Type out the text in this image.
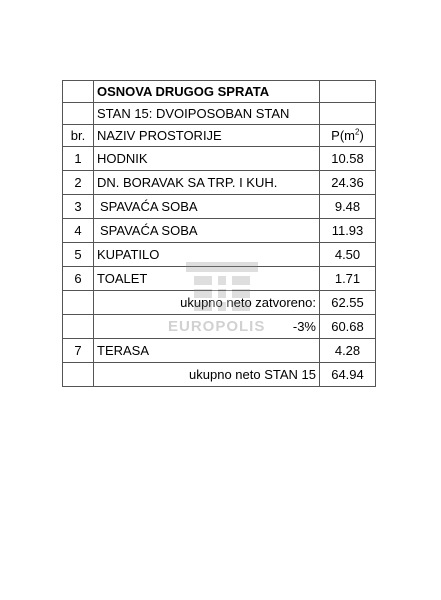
	OSNOVA DRUGOG SPRATA	
	STAN 15: DVOIPOSOBAN STAN	
br.	NAZIV PROSTORIJE	$P(m^2)$
1	HODNIK	10.58
2	DN. BORAVAK SA TRP. I KUH.	24.36
3	SPAVAĆA SOBA	9.48
4	SPAVAĆA SOBA	11.93
5	KUPATILO	4.50
6	TOALET	1.71
	ukupno neto zatvoreno:	62.55
	-3%	60.68
7	TERASA	4.28
	ukupno neto STAN 15	64.94
EUROPOLIS
